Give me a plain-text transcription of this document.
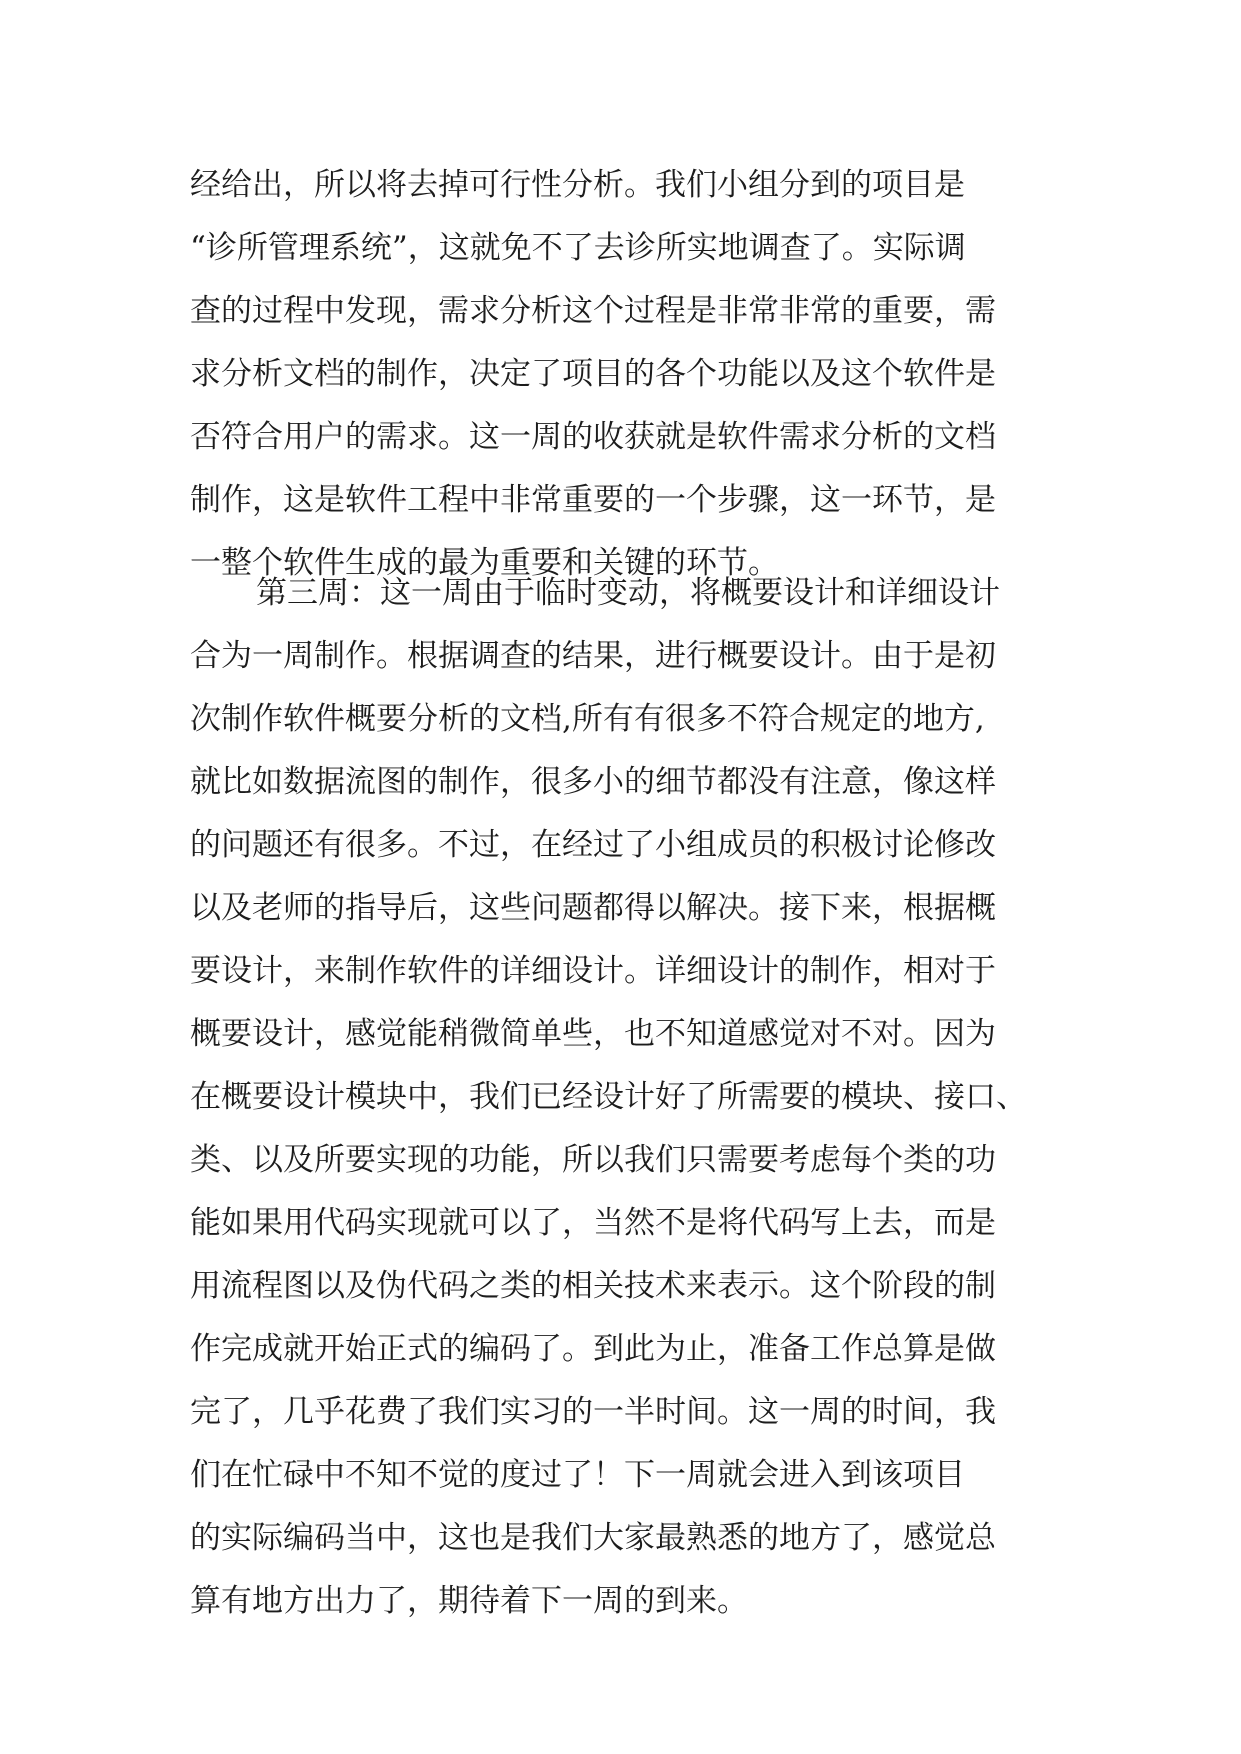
经给出，所以将去掉可行性分析。我们小组分到的项目是
“诊所管理系统”，这就免不了去诊所实地调查了。实际调
查的过程中发现，需求分析这个过程是非常非常的重要，需
求分析文档的制作，决定了项目的各个功能以及这个软件是
否符合用户的需求。这一周的收获就是软件需求分析的文档
制作，这是软件工程中非常重要的一个步骤，这一环节，是
一整个软件生成的最为重要和关键的环节。
第三周：这一周由于临时变动，将概要设计和详细设计
合为一周制作。根据调查的结果，进行概要设计。由于是初
次制作软件概要分析的文档,所有有很多不符合规定的地方,
就比如数据流图的制作，很多小的细节都没有注意，像这样
的问题还有很多。不过，在经过了小组成员的积极讨论修改
以及老师的指导后，这些问题都得以解决。接下来，根据概
要设计，来制作软件的详细设计。详细设计的制作，相对于
概要设计，感觉能稍微简单些，也不知道感觉对不对。因为
在概要设计模块中，我们已经设计好了所需要的模块、接口、
类、以及所要实现的功能，所以我们只需要考虑每个类的功
能如果用代码实现就可以了，当然不是将代码写上去，而是
用流程图以及伪代码之类的相关技术来表示。这个阶段的制
作完成就开始正式的编码了。到此为止，准备工作总算是做
完了，几乎花费了我们实习的一半时间。这一周的时间，我
们在忙碌中不知不觉的度过了！下一周就会进入到该项目
的实际编码当中，这也是我们大家最熟悉的地方了，感觉总
算有地方出力了，期待着下一周的到来。
